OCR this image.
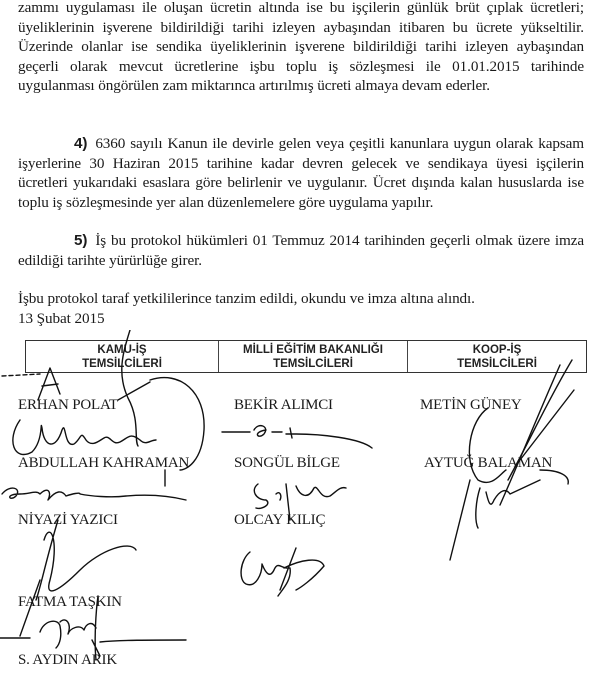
zammı uygulaması ile oluşan ücretin altında ise bu işçilerin günlük brüt çıplak ücretleri; üyeliklerinin işverene bildirildiği tarihi izleyen aybaşından itibaren bu ücrete yükseltilir. Üzerinde olanlar ise sendika üyeliklerinin işverene bildirildiği tarihi izleyen aybaşından geçerli olarak mevcut ücretlerine işbu toplu iş sözleşmesi ile 01.01.2015 tarihinde uygulanması öngörülen zam miktarınca artırılmış ücreti almaya devam ederler.

4) 6360 sayılı Kanun ile devirle gelen veya çeşitli kanunlara uygun olarak kapsam işyerlerine 30 Haziran 2015 tarihine kadar devren gelecek ve sendikaya üyesi işçilerin ücretleri yukarıdaki esaslara göre belirlenir ve uygulanır. Ücret dışında kalan hususlarda ise toplu iş sözleşmesinde yer alan düzenlemelere göre uygulama yapılır.

5) İş bu protokol hükümleri 01 Temmuz 2014 tarihinden geçerli olmak üzere imza edildiği tarihte yürürlüğe girer.

İşbu protokol taraf yetkililerince tanzim edildi, okundu ve imza altına alındı.

13 Şubat 2015

KAMU-İŞ
TEMSİLCİLERİ
MİLLİ EĞİTİM BAKANLIĞI
TEMSİLCİLERİ
KOOP-İŞ
TEMSİLCİLERİ
ERHAN POLAT
ABDULLAH KAHRAMAN
NİYAZİ YAZICI
FATMA TAŞKIN
S. AYDIN ARIK
BEKİR ALIMCI
SONGÜL BİLGE
OLCAY KILIÇ
METİN GÜNEY
AYTUĞ BALAMAN
